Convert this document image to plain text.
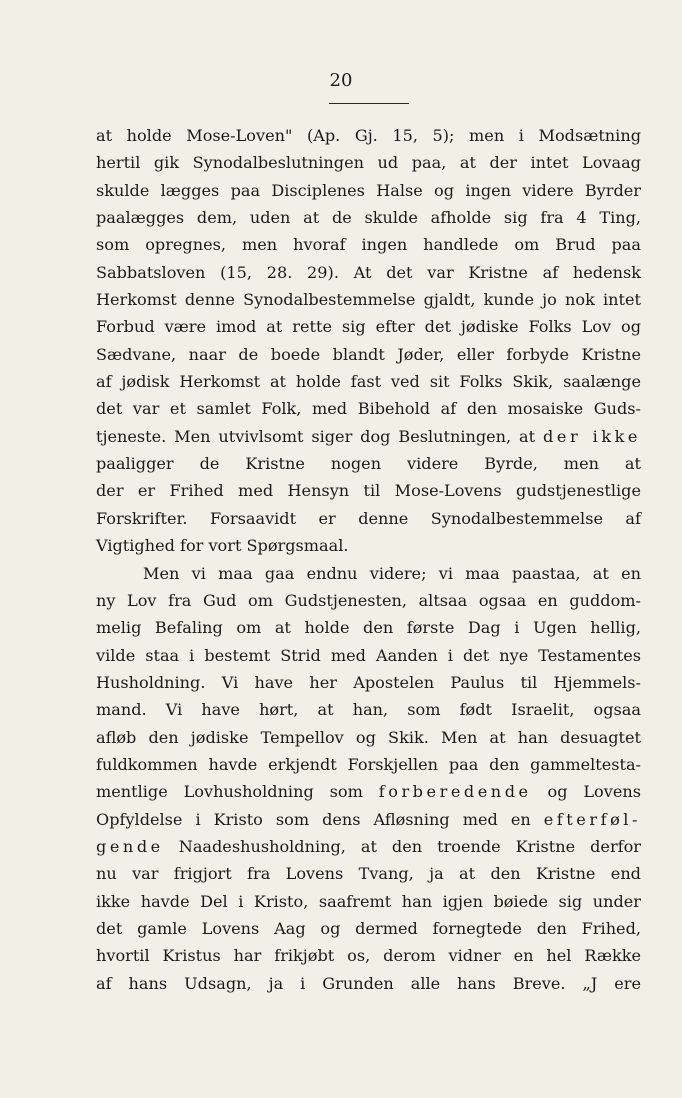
20
at holde Mose-Loven" (Ap. Gj. 15, 5); men i Modsætning
hertil gik Synodalbeslutningen ud paa, at der intet Lovaag
skulde lægges paa Disciplenes Halse og ingen videre Byrder
paalægges dem, uden at de skulde afholde sig fra 4 Ting,
som opregnes, men hvoraf ingen handlede om Brud paa
Sabbatsloven (15, 28. 29). At det var Kristne af hedensk
Herkomst denne Synodalbestemmelse gjaldt, kunde jo nok intet
Forbud være imod at rette sig efter det jødiske Folks Lov og
Sædvane, naar de boede blandt Jøder, eller forbyde Kristne
af jødisk Herkomst at holde fast ved sit Folks Skik, saalænge
det var et samlet Folk, med Bibehold af den mosaiske Guds-
tjeneste. Men utvivlsomt siger dog Beslutningen, at der ikke
paaligger de Kristne nogen videre Byrde, men at
der er Frihed med Hensyn til Mose-Lovens gudstjenestlige
Forskrifter. Forsaavidt er denne Synodalbestemmelse af
Vigtighed for vort Spørgsmaal.
Men vi maa gaa endnu videre; vi maa paastaa, at en
ny Lov fra Gud om Gudstjenesten, altsaa ogsaa en guddom-
melig Befaling om at holde den første Dag i Ugen hellig,
vilde staa i bestemt Strid med Aanden i det nye Testamentes
Husholdning. Vi have her Apostelen Paulus til Hjemmels-
mand. Vi have hørt, at han, som født Israelit, ogsaa
afløb den jødiske Tempellov og Skik. Men at han desuagtet
fuldkommen havde erkjendt Forskjellen paa den gammeltesta-
mentlige Lovhusholdning som forberedende og Lovens
Opfyldelse i Kristo som dens Afløsning med en efterføl-
gende Naadeshusholdning, at den troende Kristne derfor
nu var frigjort fra Lovens Tvang, ja at den Kristne end
ikke havde Del i Kristo, saafremt han igjen bøiede sig under
det gamle Lovens Aag og dermed fornegtede den Frihed,
hvortil Kristus har frikjøbt os, derom vidner en hel Række
af hans Udsagn, ja i Grunden alle hans Breve. „J ere
